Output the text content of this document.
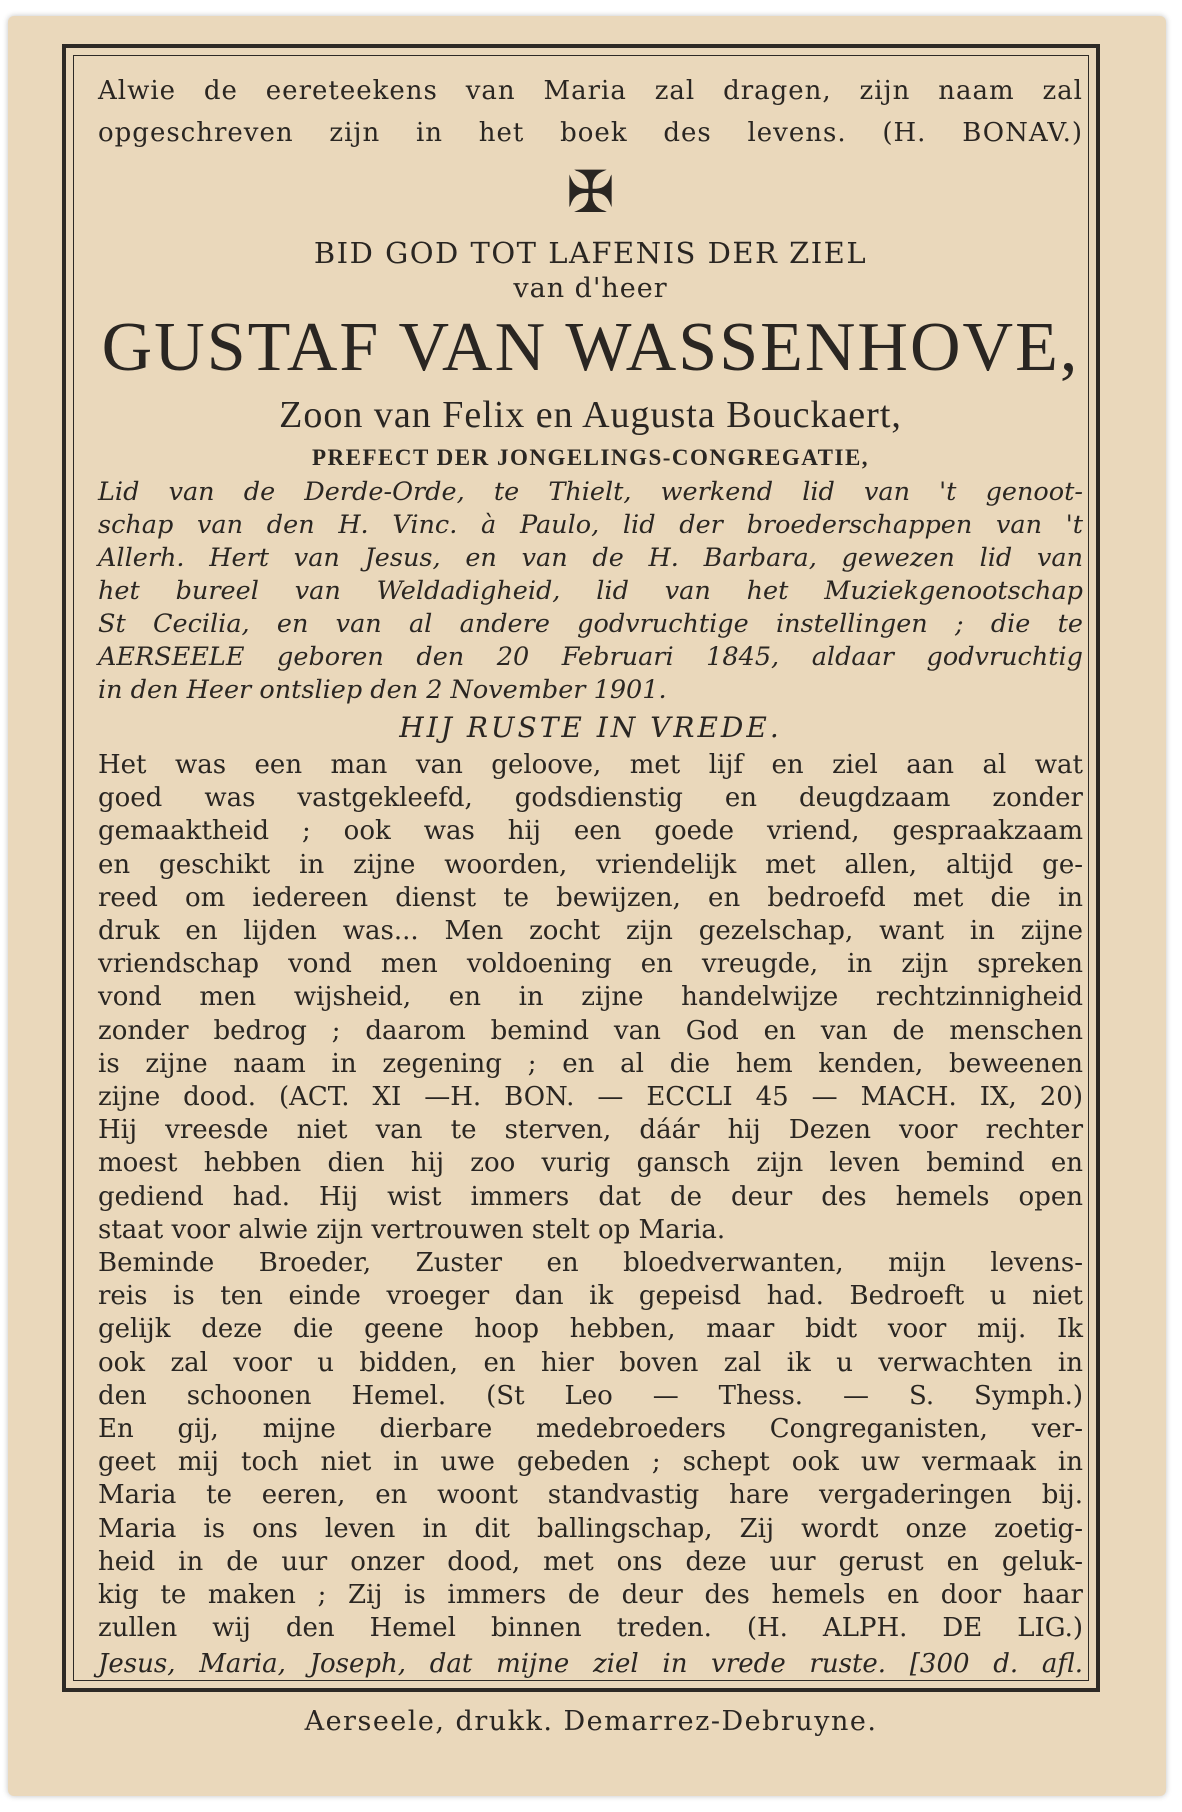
Alwie de eereteekens van Maria zal dragen, zijn naam zal
opgeschreven zijn in het boek des levens. (H. BONAV.)
✠
BID GOD TOT LAFENIS DER ZIEL
van d'heer
GUSTAF VAN WASSENHOVE,
Zoon van Felix en Augusta Bouckaert,
PREFECT DER JONGELINGS-CONGREGATIE,
Lid van de Derde-Orde, te Thielt, werkend lid van 't genoot-
schap van den H. Vinc. à Paulo, lid der broederschappen van 't
Allerh. Hert van Jesus, en van de H. Barbara, gewezen lid van
het bureel van Weldadigheid, lid van het Muziekgenootschap
St Cecilia, en van al andere godvruchtige instellingen ; die te
AERSEELE geboren den 20 Februari 1845, aldaar godvruchtig
in den Heer ontsliep den 2 November 1901.
HIJ RUSTE IN VREDE.
Het was een man van geloove, met lijf en ziel aan al wat
goed was vastgekleefd, godsdienstig en deugdzaam zonder
gemaaktheid ; ook was hij een goede vriend, gespraakzaam
en geschikt in zijne woorden, vriendelijk met allen, altijd ge-
reed om iedereen dienst te bewijzen, en bedroefd met die in
druk en lijden was... Men zocht zijn gezelschap, want in zijne
vriendschap vond men voldoening en vreugde, in zijn spreken
vond men wijsheid, en in zijne handelwijze rechtzinnigheid
zonder bedrog ; daarom bemind van God en van de menschen
is zijne naam in zegening ; en al die hem kenden, beweenen
zijne dood. (ACT. XI —H. BON. — ECCLI 45 — MACH. IX, 20)
Hij vreesde niet van te sterven, dáár hij Dezen voor rechter
moest hebben dien hij zoo vurig gansch zijn leven bemind en
gediend had. Hij wist immers dat de deur des hemels open
staat voor alwie zijn vertrouwen stelt op Maria.
Beminde Broeder, Zuster en bloedverwanten, mijn levens-
reis is ten einde vroeger dan ik gepeisd had. Bedroeft u niet
gelijk deze die geene hoop hebben, maar bidt voor mij. Ik
ook zal voor u bidden, en hier boven zal ik u verwachten in
den schoonen Hemel. (St Leo — Thess. — S. Symph.)
En gij, mijne dierbare medebroeders Congreganisten, ver-
geet mij toch niet in uwe gebeden ; schept ook uw vermaak in
Maria te eeren, en woont standvastig hare vergaderingen bij.
Maria is ons leven in dit ballingschap, Zij wordt onze zoetig-
heid in de uur onzer dood, met ons deze uur gerust en geluk-
kig te maken ; Zij is immers de deur des hemels en door haar
zullen wij den Hemel binnen treden. (H. ALPH. DE LIG.)
Jesus, Maria, Joseph, dat mijne ziel in vrede ruste. [300 d. afl.
Aerseele, drukk. Demarrez-Debruyne.
